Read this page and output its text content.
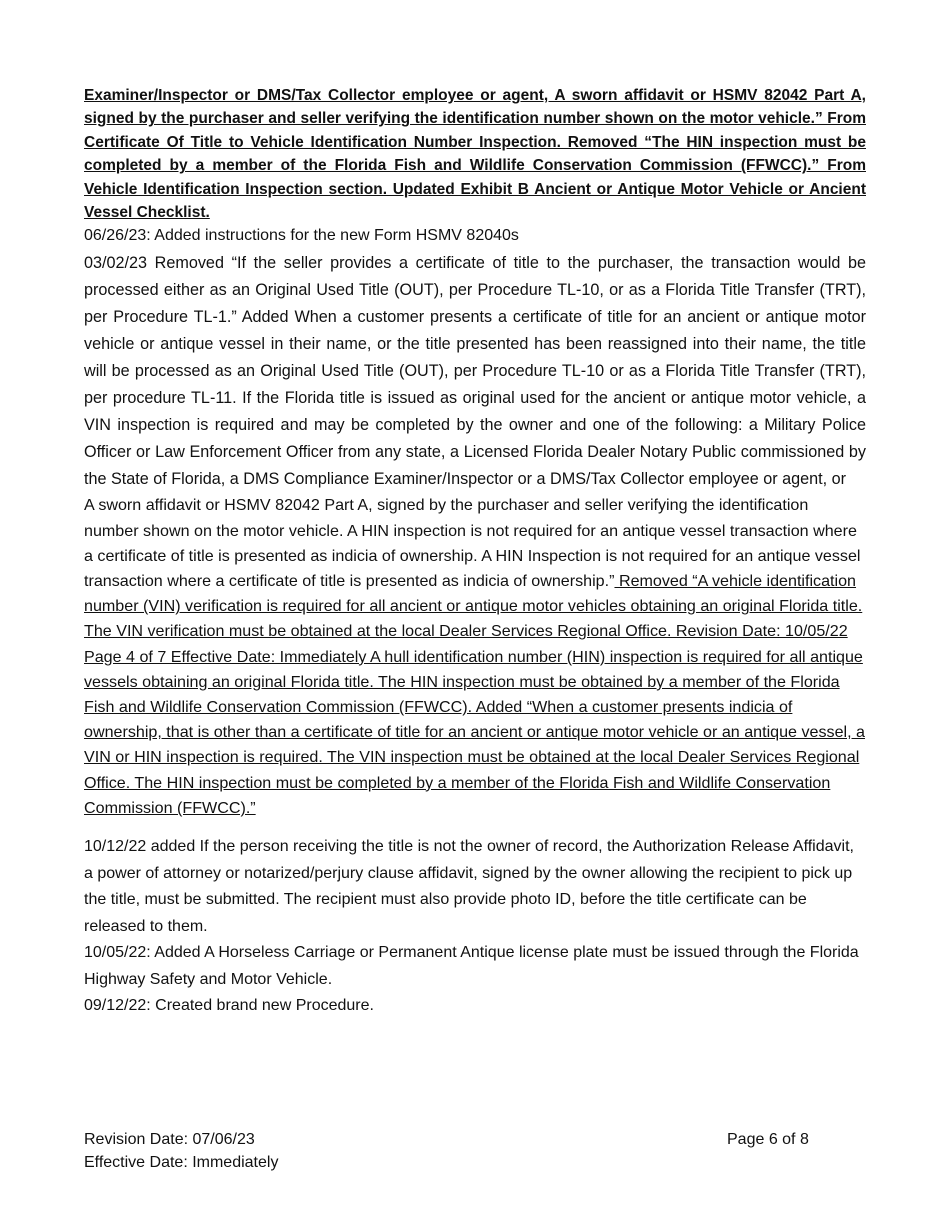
Examiner/Inspector or DMS/Tax Collector employee or agent, A sworn affidavit or HSMV 82042 Part A, signed by the purchaser and seller verifying the identification number shown on the motor vehicle.” From Certificate Of Title to Vehicle Identification Number Inspection. Removed “The HIN inspection must be completed by a member of the Florida Fish and Wildlife Conservation Commission (FFWCC).” From Vehicle Identification Inspection section. Updated Exhibit B Ancient or Antique Motor Vehicle or Ancient Vessel Checklist.

06/26/23: Added instructions for the new Form HSMV 82040s

03/02/23 Removed “If the seller provides a certificate of title to the purchaser, the transaction would be processed either as an Original Used Title (OUT), per Procedure TL-10, or as a Florida Title Transfer (TRT), per Procedure TL-1.” Added When a customer presents a certificate of title for an ancient or antique motor vehicle or antique vessel in their name, or the title presented has been reassigned into their name, the title will be processed as an Original Used Title (OUT), per Procedure TL-10 or as a Florida Title Transfer (TRT), per procedure TL-11. If the Florida title is issued as original used for the ancient or antique motor vehicle, a VIN inspection is required and may be completed by the owner and one of the following: a Military Police Officer or Law Enforcement Officer from any state, a Licensed Florida Dealer Notary Public commissioned by the State of Florida, a DMS Compliance Examiner/Inspector or a DMS/Tax Collector employee or agent, or

A sworn affidavit or HSMV 82042 Part A, signed by the purchaser and seller verifying the identification number shown on the motor vehicle. A HIN inspection is not required for an antique vessel transaction where a certificate of title is presented as indicia of ownership. A HIN Inspection is not required for an antique vessel transaction where a certificate of title is presented as indicia of ownership.” Removed “A vehicle identification number (VIN) verification is required for all ancient or antique motor vehicles obtaining an original Florida title. The VIN verification must be obtained at the local Dealer Services Regional Office. Revision Date: 10/05/22 Page 4 of 7 Effective Date: Immediately A hull identification number (HIN) inspection is required for all antique vessels obtaining an original Florida title. The HIN inspection must be obtained by a member of the Florida Fish and Wildlife Conservation Commission (FFWCC). Added “When a customer presents indicia of ownership, that is other than a certificate of title for an ancient or antique motor vehicle or an antique vessel, a VIN or HIN inspection is required. The VIN inspection must be obtained at the local Dealer Services Regional Office. The HIN inspection must be completed by a member of the Florida Fish and Wildlife Conservation Commission (FFWCC).”

10/12/22 added If the person receiving the title is not the owner of record, the Authorization Release Affidavit, a power of attorney or notarized/perjury clause affidavit, signed by the owner allowing the recipient to pick up the title, must be submitted. The recipient must also provide photo ID, before the title certificate can be released to them.

10/05/22: Added A Horseless Carriage or Permanent Antique license plate must be issued through the Florida Highway Safety and Motor Vehicle.

09/12/22: Created brand new Procedure.

Revision Date: 07/06/23
Effective Date: Immediately
Page 6 of 8
